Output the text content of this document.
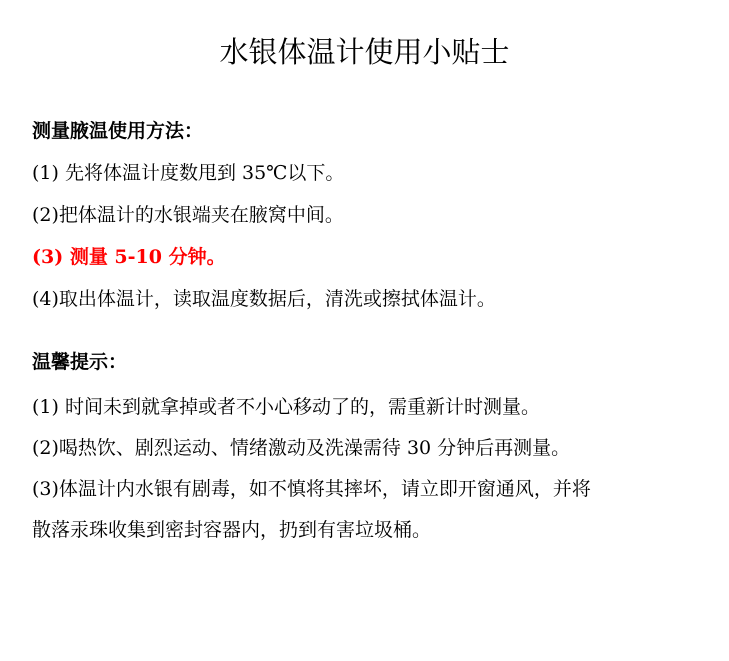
水银体温计使用小贴士
测量腋温使用方法：
(1) 先将体温计度数甩到 35℃以下。
(2)把体温计的水银端夹在腋窝中间。
(3) 测量 5-10 分钟。
(4)取出体温计，读取温度数据后，清洗或擦拭体温计。
温馨提示：
(1) 时间未到就拿掉或者不小心移动了的，需重新计时测量。
(2)喝热饮、剧烈运动、情绪激动及洗澡需待 30 分钟后再测量。
(3)体温计内水银有剧毒，如不慎将其摔坏，请立即开窗通风，并将
散落汞珠收集到密封容器内，扔到有害垃圾桶。
